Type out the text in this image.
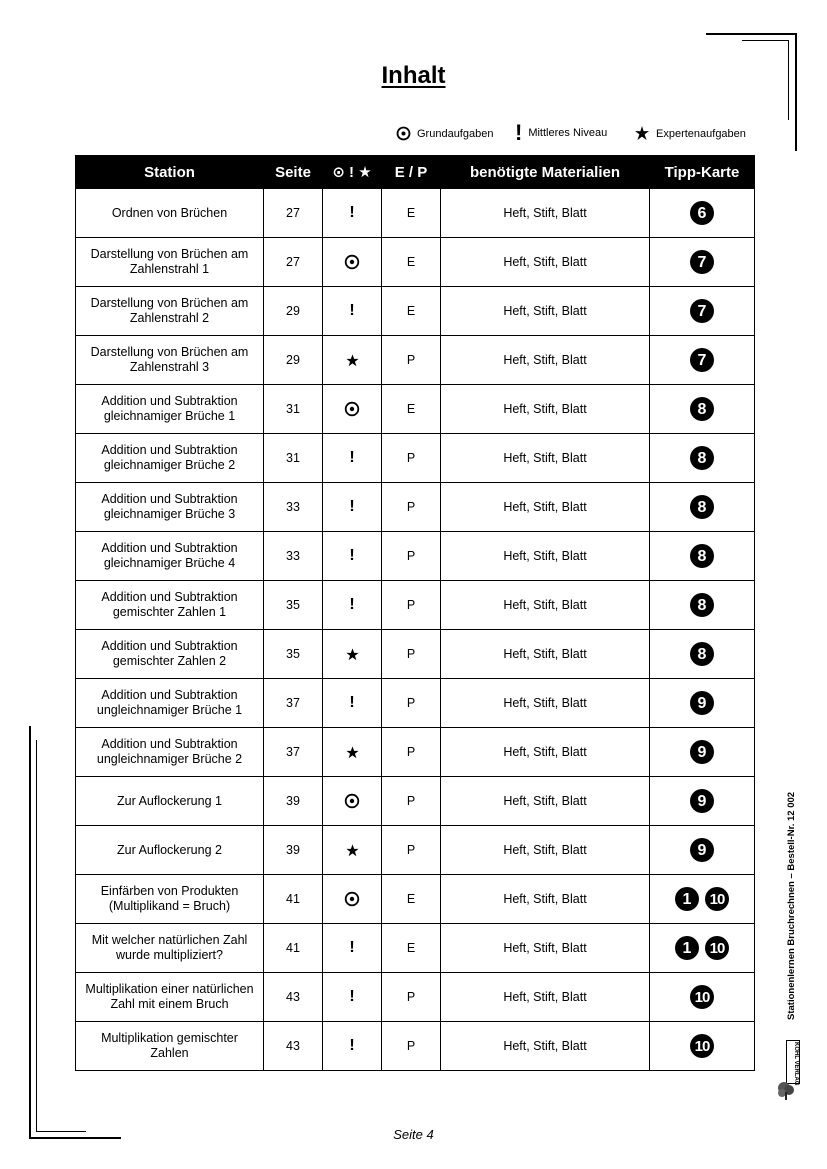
Inhalt
Grundaufgaben ! Mittleres Niveau	Expertenaufgaben
Station	Seite	⊙ ! ★	E / P	benötigte Materialien	Tipp-Karte
Ordnen von Brüchen	27	!	E	Heft, Stift, Blatt	6
Darstellung von Brüchen am Zahlenstrahl 1	27		E	Heft, Stift, Blatt	7
Darstellung von Brüchen am Zahlenstrahl 2	29	!	E	Heft, Stift, Blatt	7
Darstellung von Brüchen am Zahlenstrahl 3	29		P	Heft, Stift, Blatt	7
Addition und Subtraktion gleichnamiger Brüche 1	31		E	Heft, Stift, Blatt	8
Addition und Subtraktion gleichnamiger Brüche 2	31	!	P	Heft, Stift, Blatt	8
Addition und Subtraktion gleichnamiger Brüche 3	33	!	P	Heft, Stift, Blatt	8
Addition und Subtraktion gleichnamiger Brüche 4	33	!	P	Heft, Stift, Blatt	8
Addition und Subtraktion gemischter Zahlen 1	35	!	P	Heft, Stift, Blatt	8
Addition und Subtraktion gemischter Zahlen 2	35		P	Heft, Stift, Blatt	8
Addition und Subtraktion ungleichnamiger Brüche 1	37	!	P	Heft, Stift, Blatt	9
Addition und Subtraktion ungleichnamiger Brüche 2	37		P	Heft, Stift, Blatt	9
Zur Auflockerung 1	39		P	Heft, Stift, Blatt	9
Zur Auflockerung 2	39		P	Heft, Stift, Blatt	9
Einfärben von Produkten (Multiplikand = Bruch)	41		E	Heft, Stift, Blatt	1 10
Mit welcher natürlichen Zahl wurde multipliziert?	41	!	E	Heft, Stift, Blatt	1 10
Multiplikation einer natürlichen Zahl mit einem Bruch	43	!	P	Heft, Stift, Blatt	10
Multiplikation gemischter Zahlen	43	!	P	Heft, Stift, Blatt	10
Seite 4
Stationenlernen Bruchrechnen – Bestell-Nr. 12 002
KOHL VERLAG
